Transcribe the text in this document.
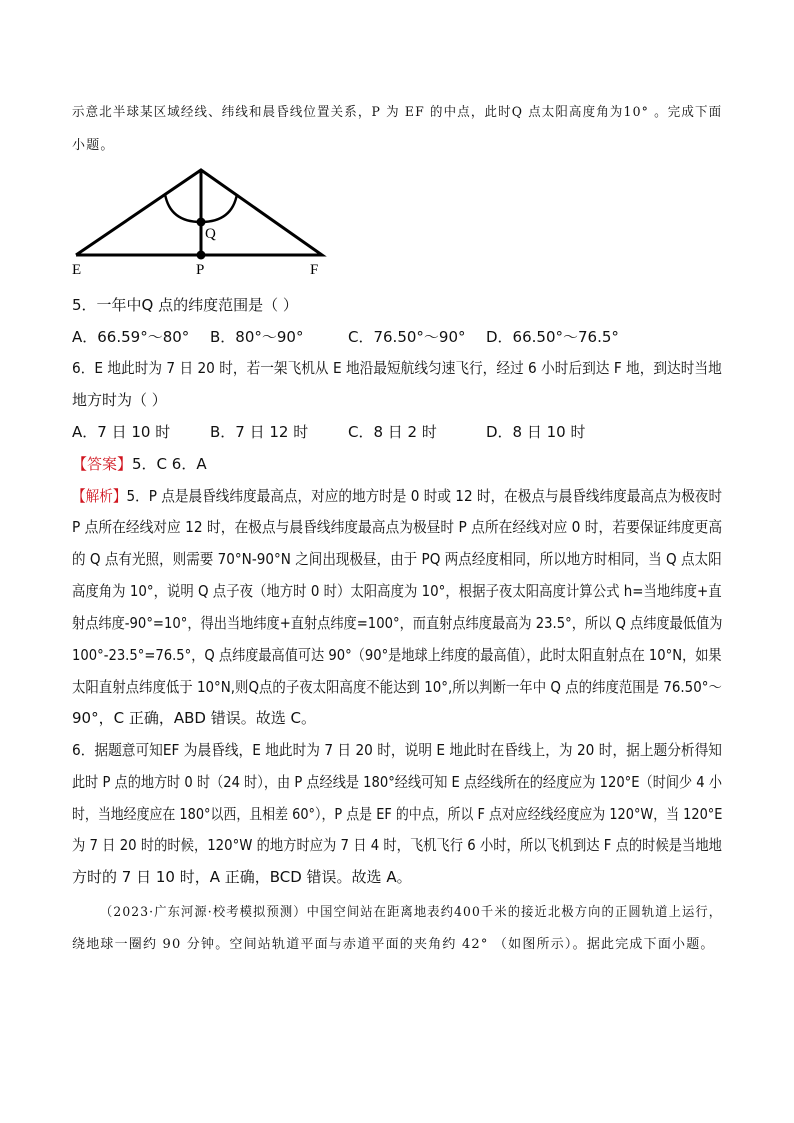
示意北半球某区域经线、纬线和晨昏线位置关系，P 为 EF 的中点，此时Q 点太阳高度角为10° 。完成下面
小题。
Q
E	P	F
5．一年中Q 点的纬度范围是（ ）
A．66.59°～80° B．80°～90°	C．76.50°～90° D．66.50°～76.5°
6．E 地此时为 7 日 20 时，若一架飞机从 E 地沿最短航线匀速飞行，经过 6 小时后到达 F 地，到达时当地
地方时为（ ）
A．7 日 10 时	B．7 日 12 时	C．8 日 2 时	D．8 日 10 时
【答案】5．C 6．A
【解析】5．P 点是晨昏线纬度最高点，对应的地方时是 0 时或 12 时，在极点与晨昏线纬度最高点为极夜时
P 点所在经线对应 12 时，在极点与晨昏线纬度最高点为极昼时 P 点所在经线对应 0 时，若要保证纬度更高
的 Q 点有光照，则需要 70°N-90°N 之间出现极昼，由于 PQ 两点经度相同，所以地方时相同，当 Q 点太阳
高度角为 10°，说明 Q 点子夜（地方时 0 时）太阳高度为 10°，根据子夜太阳高度计算公式 h=当地纬度+直
射点纬度-90°=10°，得出当地纬度+直射点纬度=100°，而直射点纬度最高为 23.5°，所以 Q 点纬度最低值为
100°-23.5°=76.5°，Q 点纬度最高值可达 90°（90°是地球上纬度的最高值），此时太阳直射点在 10°N，如果
太阳直射点纬度低于 10°N,则Q点的子夜太阳高度不能达到 10°,所以判断一年中 Q 点的纬度范围是 76.50°～
90°，C 正确，ABD 错误。故选 C。
6．据题意可知EF 为晨昏线，E 地此时为 7 日 20 时，说明 E 地此时在昏线上，为 20 时，据上题分析得知
此时 P 点的地方时 0 时（24 时），由 P 点经线是 180°经线可知 E 点经线所在的经度应为 120°E（时间少 4 小
时，当地经度应在 180°以西，且相差 60°），P 点是 EF 的中点，所以 F 点对应经线经度应为 120°W，当 120°E
为 7 日 20 时的时候，120°W 的地方时应为 7 日 4 时，飞机飞行 6 小时，所以飞机到达 F 点的时候是当地地
方时的 7 日 10 时，A 正确，BCD 错误。故选 A。
（2023·广东河源·校考模拟预测）中国空间站在距离地表约400千米的接近北极方向的正圆轨道上运行，
绕地球一圈约 90 分钟。空间站轨道平面与赤道平面的夹角约 42° （如图所示）。据此完成下面小题。
